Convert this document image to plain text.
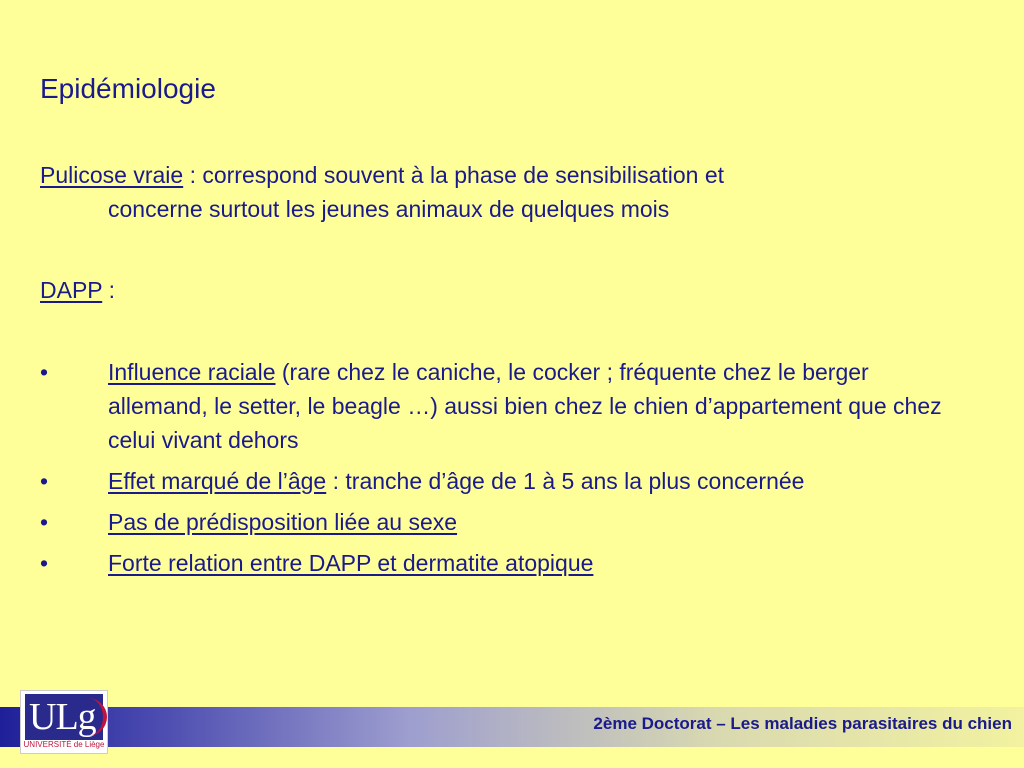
Epidémiologie
Pulicose vraie : correspond souvent à la phase de sensibilisation et
concerne surtout les jeunes animaux de quelques mois
DAPP :
•	Influence raciale (rare chez le caniche, le cocker ; fréquente chez le berger allemand, le setter, le beagle …) aussi bien chez le chien d’appartement que chez celui vivant dehors
•	Effet marqué de l’âge : tranche d’âge de 1 à 5 ans la plus concernée
•	Pas de prédisposition liée au sexe
•	Forte relation entre DAPP et dermatite atopique
2ème Doctorat – Les maladies parasitaires du chien
ULg
UNIVERSITÉ de Liège
